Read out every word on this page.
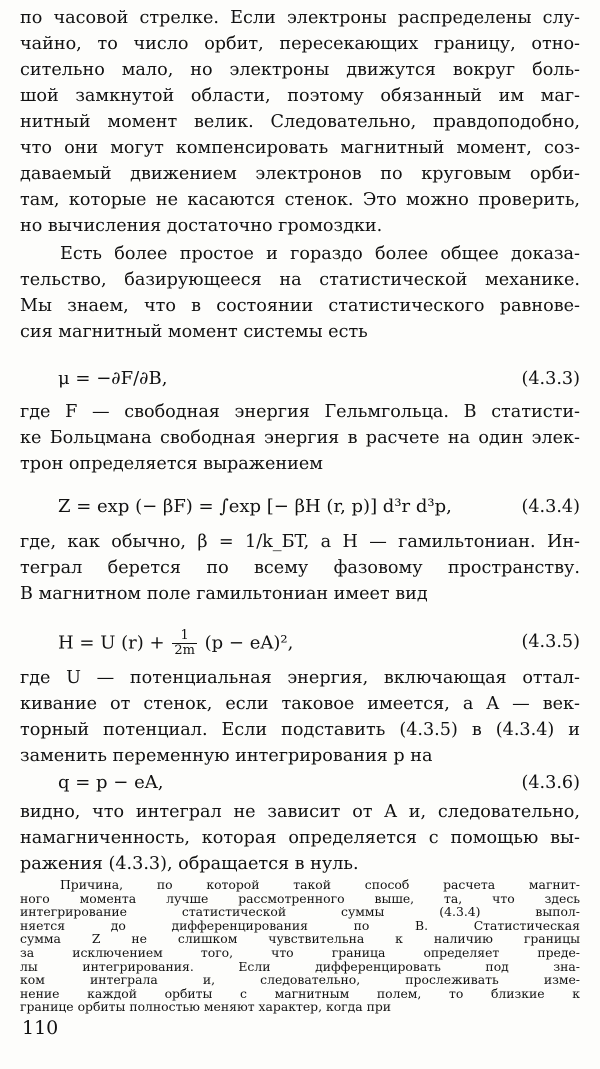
по часовой стрелке. Если электроны распределены слу-
чайно, то число орбит, пересекающих границу, отно-
сительно мало, но электроны движутся вокруг боль-
шой замкнутой области, поэтому обязанный им маг-
нитный момент велик. Следовательно, правдоподобно,
что они могут компенсировать магнитный момент, соз-
даваемый движением электронов по круговым орби-
там, которые не касаются стенок. Это можно проверить,
но вычисления достаточно громоздки.
Есть более простое и гораздо более общее доказа-
тельство, базирующееся на статистической механике.
Мы знаем, что в состоянии статистического равнове-
сия магнитный момент системы есть
μ = −∂F/∂B,	(4.3.3)
где F — свободная энергия Гельмгольца. В статисти-
ке Больцмана свободная энергия в расчете на один элек-
трон определяется выражением
Z = exp (− βF) = ∫exp [− βH (r, p)] d³r d³p,	(4.3.4)
где, как обычно, β = 1/k_БT, а H — гамильтониан. Ин-
теграл берется по всему фазовому пространству.
В магнитном поле гамильтониан имеет вид
H = U $(r) + \frac{1}{2m} (p - eA)^2$,	(4.3.5)
где U — потенциальная энергия, включающая оттал-
кивание от стенок, если таковое имеется, а A — век-
торный потенциал. Если подставить (4.3.5) в (4.3.4) и
заменить переменную интегрирования p на
q = p − eA,	(4.3.6)
видно, что интеграл не зависит от A и, следовательно,
намагниченность, которая определяется с помощью вы-
ражения (4.3.3), обращается в нуль.
Причина, по которой такой способ расчета магнит-
ного момента лучше рассмотренного выше, та, что здесь
интегрирование статистической суммы (4.3.4) выпол-
няется до дифференцирования по B. Статистическая
сумма Z не слишком чувствительна к наличию границы
за исключением того, что граница определяет преде-
лы интегрирования. Если дифференцировать под зна-
ком интеграла и, следовательно, прослеживать изме-
нение каждой орбиты с магнитным полем, то близкие к
границе орбиты полностью меняют характер, когда при
110
